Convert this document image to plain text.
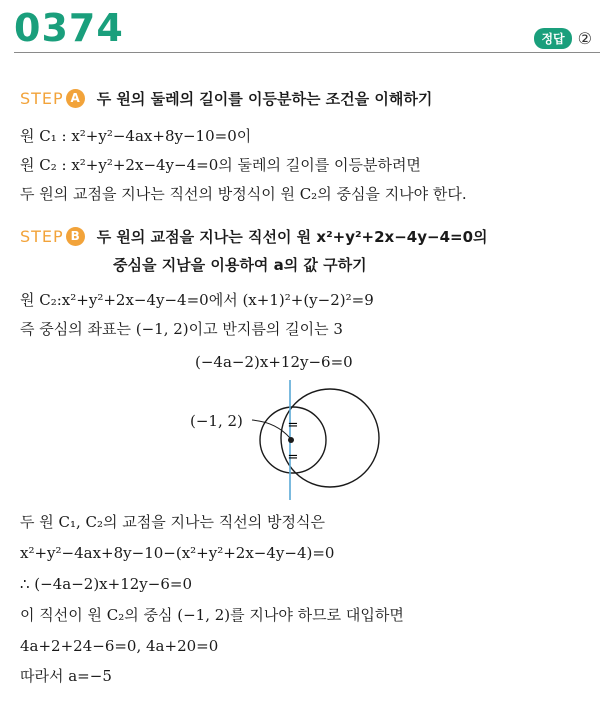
0374	정답 ②
STEP A	두 원의 둘레의 길이를 이등분하는 조건을 이해하기
원 C₁ : x²+y²−4ax+8y−10=0이
원 C₂ : x²+y²+2x−4y−4=0의 둘레의 길이를 이등분하려면
두 원의 교점을 지나는 직선의 방정식이 원 C₂의 중심을 지나야 한다.
STEP B	두 원의 교점을 지나는 직선이 원 x²+y²+2x−4y−4=0의
중심을 지남을 이용하여 a의 값 구하기
원 C₂:x²+y²+2x−4y−4=0에서 (x+1)²+(y−2)²=9
즉 중심의 좌표는 (−1, 2)이고 반지름의 길이는 3
(−4a−2)x+12y−6=0
(−1, 2)	=
=
두 원 C₁, C₂의 교점을 지나는 직선의 방정식은
x²+y²−4ax+8y−10−(x²+y²+2x−4y−4)=0
∴ (−4a−2)x+12y−6=0
이 직선이 원 C₂의 중심 (−1, 2)를 지나야 하므로 대입하면
4a+2+24−6=0, 4a+20=0
따라서 a=−5
